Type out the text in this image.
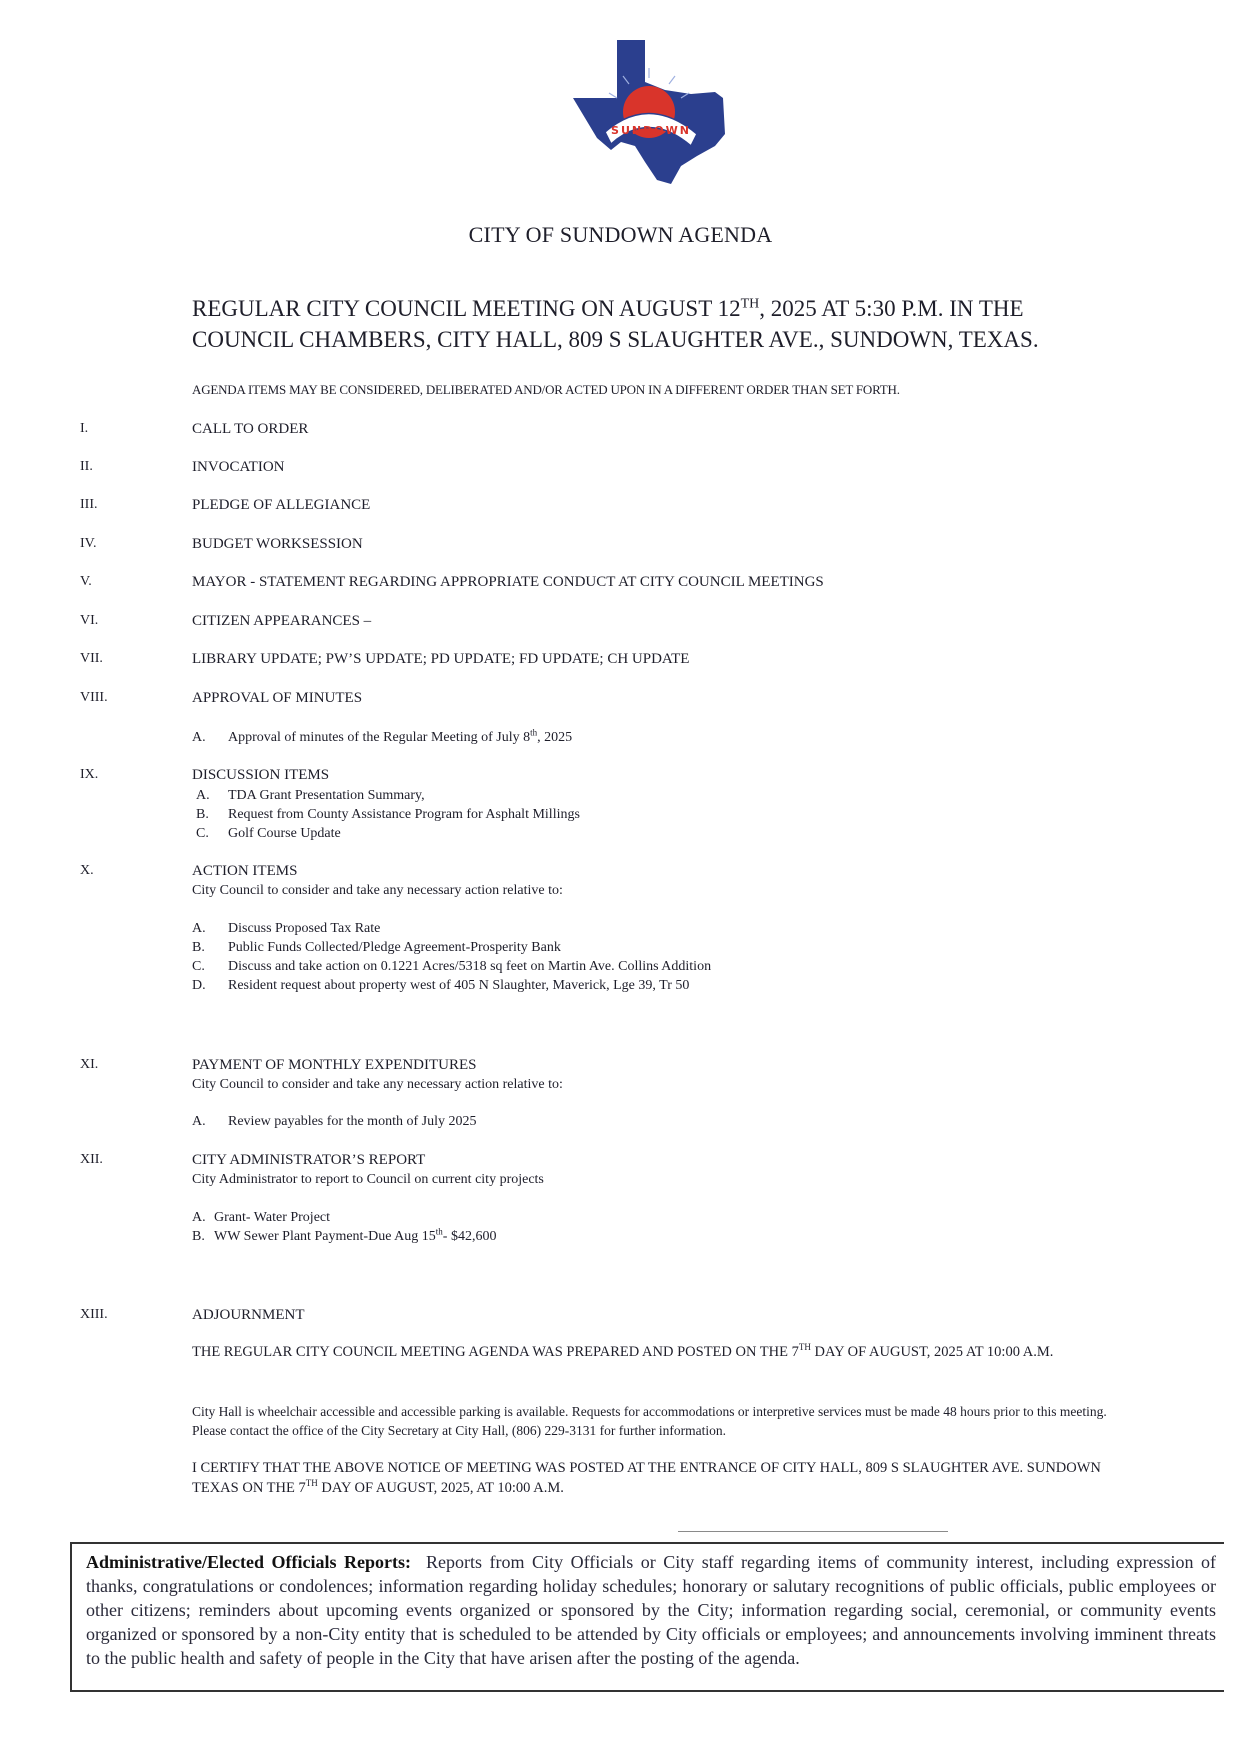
SUNDOWN
CITY OF SUNDOWN AGENDA
REGULAR CITY COUNCIL MEETING ON AUGUST 12TH, 2025 AT 5:30 P.M. IN THE
COUNCIL CHAMBERS, CITY HALL, 809 S SLAUGHTER AVE., SUNDOWN, TEXAS.
AGENDA ITEMS MAY BE CONSIDERED, DELIBERATED AND/OR ACTED UPON IN A DIFFERENT ORDER THAN SET FORTH.
I.	CALL TO ORDER
II.	INVOCATION
III.	PLEDGE OF ALLEGIANCE
IV.	BUDGET WORKSESSION
V.	MAYOR - STATEMENT REGARDING APPROPRIATE CONDUCT AT CITY COUNCIL MEETINGS
VI.	CITIZEN APPEARANCES –
VII.	LIBRARY UPDATE; PW’S UPDATE; PD UPDATE; FD UPDATE; CH UPDATE
VIII.	APPROVAL OF MINUTES
A. Approval of minutes of the Regular Meeting of July 8th, 2025
IX.	DISCUSSION ITEMS
A. TDA Grant Presentation Summary,
B. Request from County Assistance Program for Asphalt Millings
C. Golf Course Update
X.	ACTION ITEMS
City Council to consider and take any necessary action relative to:
A. Discuss Proposed Tax Rate
B. Public Funds Collected/Pledge Agreement-Prosperity Bank
C. Discuss and take action on 0.1221 Acres/5318 sq feet on Martin Ave. Collins Addition
D. Resident request about property west of 405 N Slaughter, Maverick, Lge 39, Tr 50
XI.	PAYMENT OF MONTHLY EXPENDITURES
City Council to consider and take any necessary action relative to:
A. Review payables for the month of July 2025
XII.	CITY ADMINISTRATOR’S REPORT
City Administrator to report to Council on current city projects
A. Grant- Water Project
B. WW Sewer Plant Payment-Due Aug 15th- $42,600
XIII.	ADJOURNMENT
THE REGULAR CITY COUNCIL MEETING AGENDA WAS PREPARED AND POSTED ON THE 7TH DAY OF AUGUST, 2025 AT 10:00 A.M.
City Hall is wheelchair accessible and accessible parking is available. Requests for accommodations or interpretive services must be made 48 hours prior to this meeting. Please contact the office of the City Secretary at City Hall, (806) 229-3131 for further information.
I CERTIFY THAT THE ABOVE NOTICE OF MEETING WAS POSTED AT THE ENTRANCE OF CITY HALL, 809 S SLAUGHTER AVE. SUNDOWN TEXAS ON THE 7TH DAY OF AUGUST, 2025, AT 10:00 A.M.
Administrative/Elected Officials Reports: Reports from City Officials or City staff regarding items of community interest, including expression of thanks, congratulations or condolences; information regarding holiday schedules; honorary or salutary recognitions of public officials, public employees or other citizens; reminders about upcoming events organized or sponsored by the City; information regarding social, ceremonial, or community events organized or sponsored by a non-City entity that is scheduled to be attended by City officials or employees; and announcements involving imminent threats to the public health and safety of people in the City that have arisen after the posting of the agenda.
